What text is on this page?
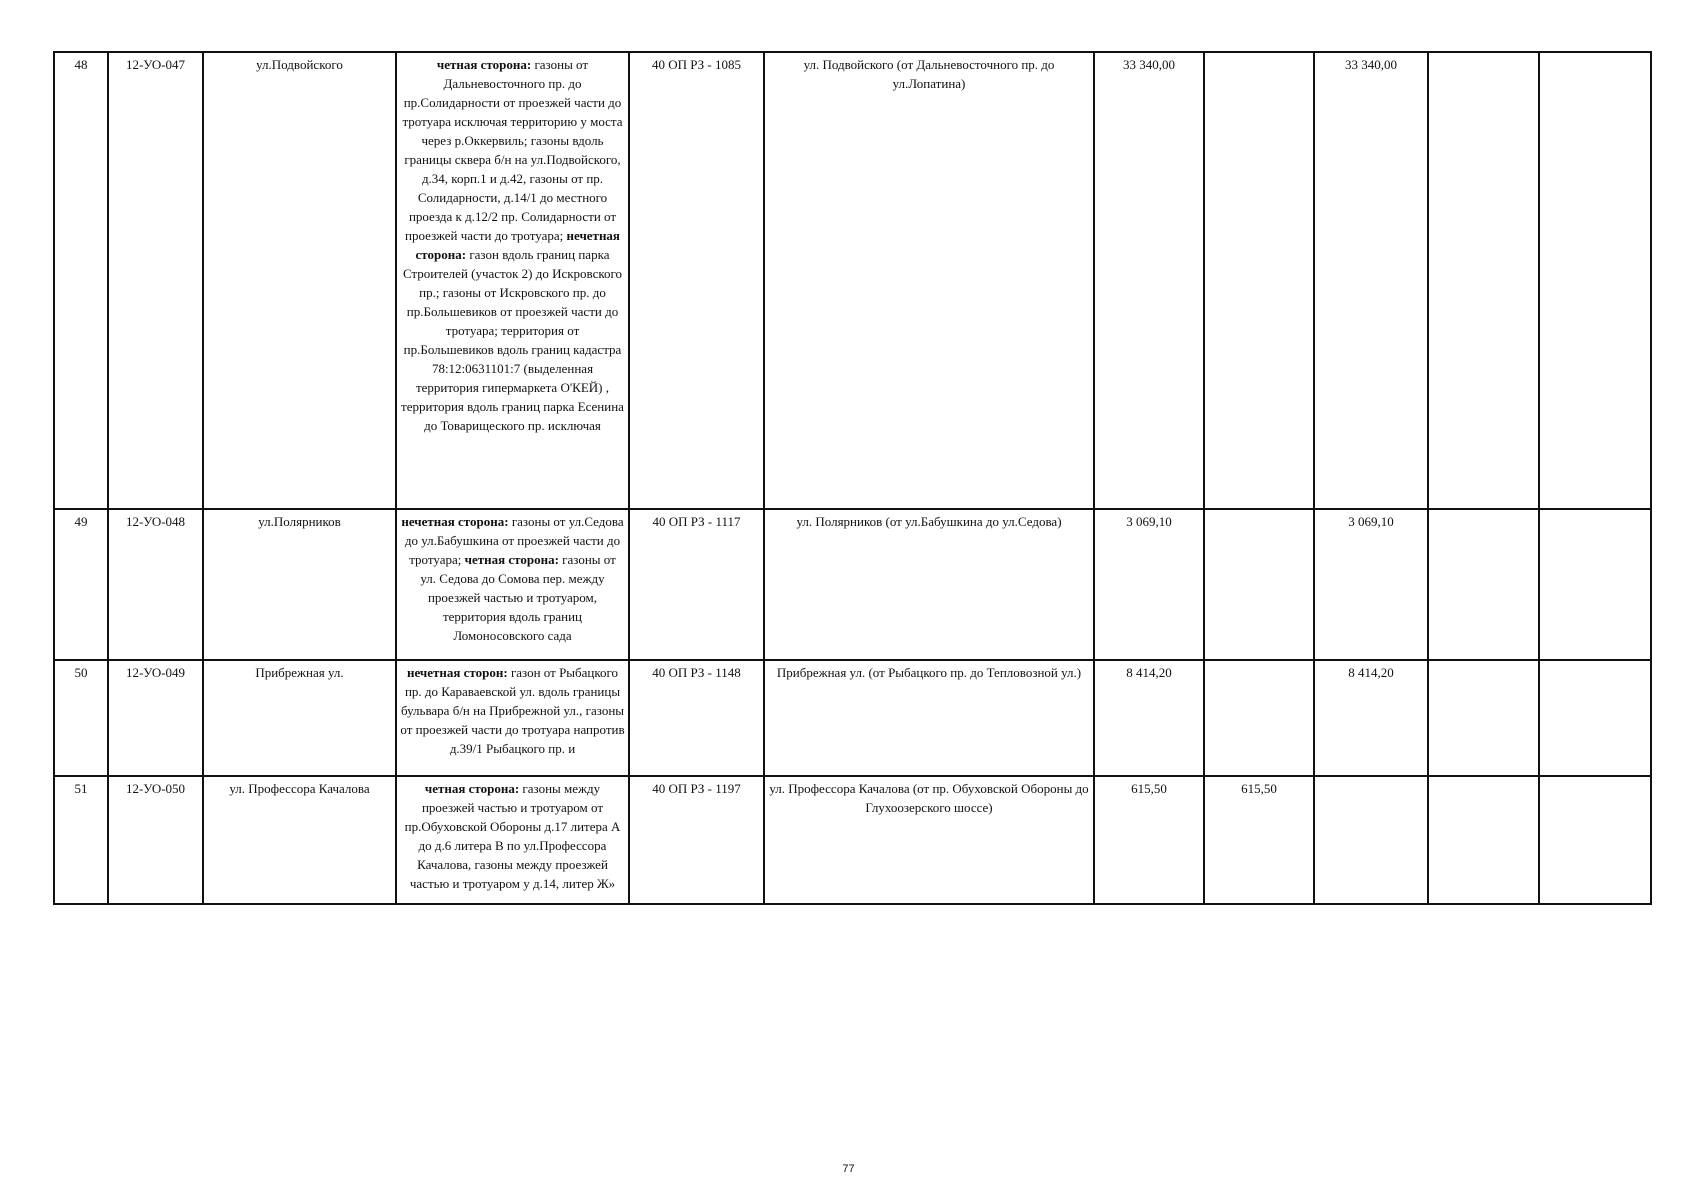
48	12-УО-047	ул.Подвойского	четная сторона: газоны от Дальневосточного пр. до пр.Солидарности от проезжей части до тротуара исключая территорию у моста через р.Оккервиль; газоны вдоль границы сквера б/н на ул.Подвойского, д.34, корп.1 и д.42, газоны от пр. Солидарности, д.14/1 до местного проезда к д.12/2 пр. Солидарности от проезжей части до тротуара; нечетная сторона: газон вдоль границ парка Строителей (участок 2) до Искровского пр.; газоны от Искровского пр. до пр.Большевиков от проезжей части до тротуара; территория от пр.Большевиков вдоль границ кадастра 78:12:0631101:7 (выделенная территория гипермаркета О'КЕЙ) , территория вдоль границ парка Есенина до Товарищеского пр. исключая	40 ОП РЗ - 1085	ул. Подвойского (от Дальневосточного пр. до ул.Лопатина)	33 340,00		33 340,00		

49	12-УО-048	ул.Полярников	нечетная сторона: газоны от ул.Седова до ул.Бабушкина от проезжей части до тротуара; четная сторона: газоны от ул. Седова до Сомова пер. между проезжей частью и тротуаром, территория вдоль границ Ломоносовского сада	40 ОП РЗ - 1117	ул. Полярников (от ул.Бабушкина до ул.Седова)	3 069,10		3 069,10		

50	12-УО-049	Прибрежная ул.	нечетная сторон: газон от Рыбацкого пр. до Караваевской ул. вдоль границы бульвара б/н на Прибрежной ул., газоны от проезжей части до тротуара напротив д.39/1 Рыбацкого пр. и	40 ОП РЗ - 1148	Прибрежная ул. (от Рыбацкого пр. до Тепловозной ул.)	8 414,20		8 414,20		

51	12-УО-050	ул. Профессора Качалова	четная сторона: газоны между проезжей частью и тротуаром от пр.Обуховской Обороны д.17 литера А до д.6 литера В по ул.Профессора Качалова, газоны между проезжей частью и тротуаром у д.14, литер Ж»	40 ОП РЗ - 1197	ул. Профессора Качалова (от пр. Обуховской Обороны до Глухоозерского шоссе)	615,50	615,50			

77
